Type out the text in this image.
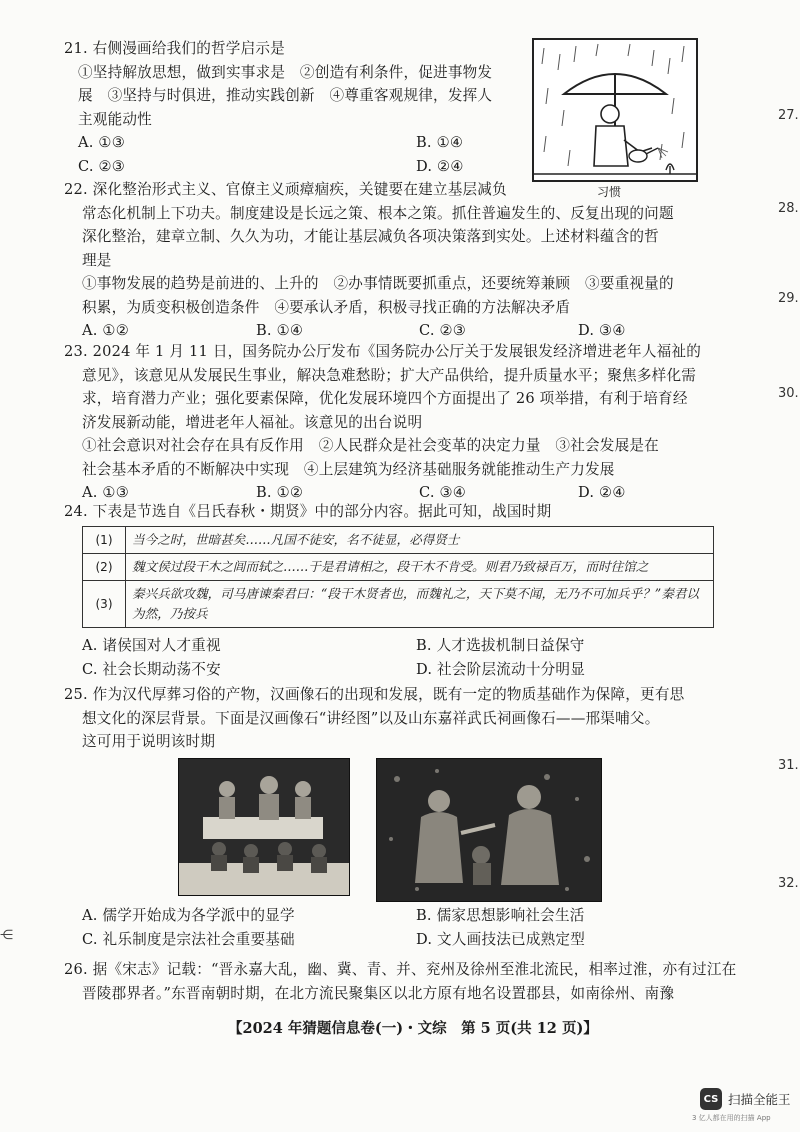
27.
28.
29.
30.
31.
32.
⋲
21. 右侧漫画给我们的哲学启示是
①坚持解放思想，做到实事求是　②创造有利条件，促进事物发
展　③坚持与时俱进，推动实践创新　④尊重客观规律，发挥人
主观能动性
A. ①③	B. ①④
C. ②③	D. ②④
习惯
22. 深化整治形式主义、官僚主义顽瘴痼疾，关键要在建立基层减负
常态化机制上下功夫。制度建设是长远之策、根本之策。抓住普遍发生的、反复出现的问题
深化整治，建章立制、久久为功，才能让基层减负各项决策落到实处。上述材料蕴含的哲
理是
①事物发展的趋势是前进的、上升的　②办事情既要抓重点，还要统筹兼顾　③要重视量的
积累，为质变积极创造条件　④要承认矛盾，积极寻找正确的方法解决矛盾
A. ①②	B. ①④	C. ②③	D. ③④
23. 2024 年 1 月 11 日，国务院办公厅发布《国务院办公厅关于发展银发经济增进老年人福祉的
意见》，该意见从发展民生事业，解决急难愁盼；扩大产品供给，提升质量水平；聚焦多样化需
求，培育潜力产业；强化要素保障，优化发展环境四个方面提出了 26 项举措，有利于培育经
济发展新动能，增进老年人福祉。该意见的出台说明
①社会意识对社会存在具有反作用　②人民群众是社会变革的决定力量　③社会发展是在
社会基本矛盾的不断解决中实现　④上层建筑为经济基础服务就能推动生产力发展
A. ①③	B. ①②	C. ③④	D. ②④
24. 下表是节选自《吕氏春秋・期贤》中的部分内容。据此可知，战国时期
(1)	当今之时，世暗甚矣……凡国不徒安，名不徒显，必得贤士
(2)	魏文侯过段干木之闾而轼之……于是君请相之，段干木不肯受。则君乃致禄百万，而时往馆之
(3)	秦兴兵欲攻魏，司马唐谏秦君曰：“段干木贤者也，而魏礼之，天下莫不闻，无乃不可加兵乎？”秦君以为然，乃按兵
A. 诸侯国对人才重视	B. 人才选拔机制日益保守
C. 社会长期动荡不安	D. 社会阶层流动十分明显
25. 作为汉代厚葬习俗的产物，汉画像石的出现和发展，既有一定的物质基础作为保障，更有思
想文化的深层背景。下面是汉画像石“讲经图”以及山东嘉祥武氏祠画像石——邢渠哺父。
这可用于说明该时期
A. 儒学开始成为各学派中的显学	B. 儒家思想影响社会生活
C. 礼乐制度是宗法社会重要基础	D. 文人画技法已成熟定型
26. 据《宋志》记载：“晋永嘉大乱，幽、冀、青、并、兖州及徐州至淮北流民，相率过淮，亦有过江在
晋陵郡界者。”东晋南朝时期，在北方流民聚集区以北方原有地名设置郡县，如南徐州、南豫
【2024 年猜题信息卷(一)・文综　第 5 页(共 12 页)】
CS 扫描全能王
3 亿人都在用的扫描 App
